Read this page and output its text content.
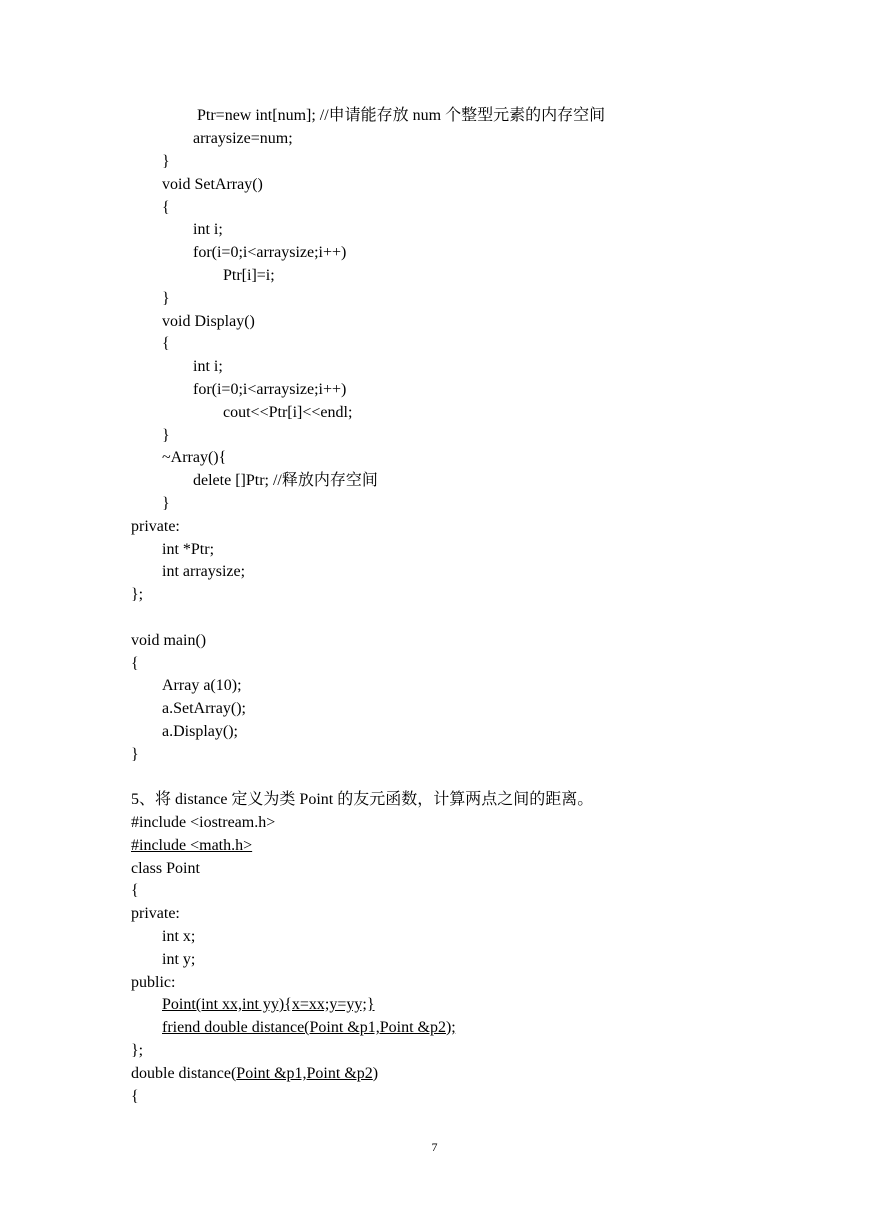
Ptr=new int[num]; //申请能存放 num 个整型元素的内存空间
arraysize=num;
}
void SetArray()
{
int i;
for(i=0;i<arraysize;i++)
Ptr[i]=i;
}
void Display()
{
int i;
for(i=0;i<arraysize;i++)
cout<<Ptr[i]<<endl;
}
~Array(){
delete []Ptr; //释放内存空间
}
private:
int *Ptr;
int arraysize;
};
void main()
{
Array a(10);
a.SetArray();
a.Display();
}
5、将 distance 定义为类 Point 的友元函数，计算两点之间的距离。
#include <iostream.h>
#include <math.h>
class Point
{
private:
int x;
int y;
public:
Point(int xx,int yy){x=xx;y=yy;}
friend double distance(Point &p1,Point &p2);
};
double distance(Point &p1,Point &p2)
{
7
